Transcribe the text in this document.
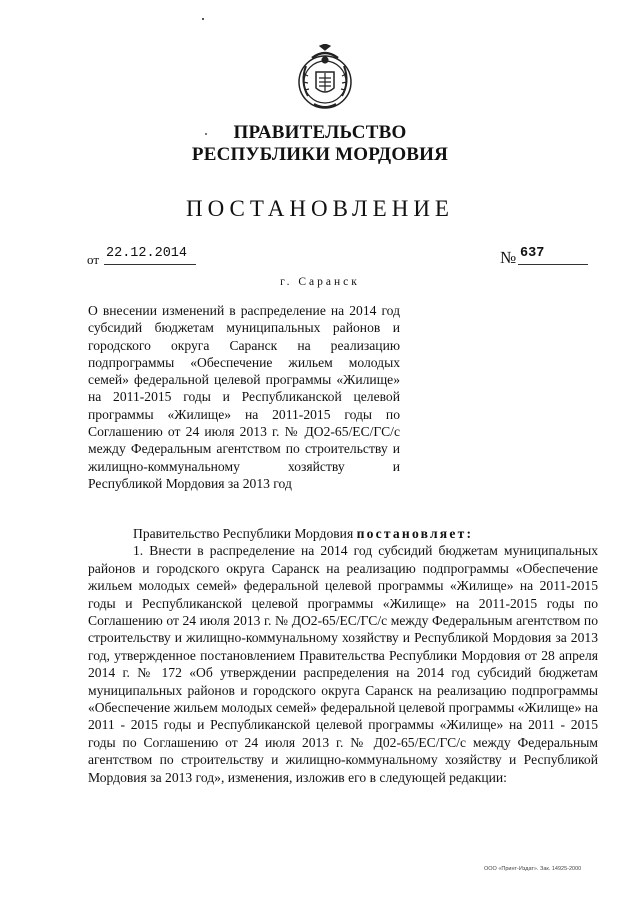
ПРАВИТЕЛЬСТВО
РЕСПУБЛИКИ МОРДОВИЯ
ПОСТАНОВЛЕНИЕ
от 22.12.2014	№ 637
г. Саранск
О внесении изменений в распределение на 2014 год субсидий бюджетам муниципальных районов и городского округа Саранск на реализацию подпрограммы «Обеспечение жильем молодых семей» федеральной целевой программы «Жилище» на 2011-2015 годы и Республиканской целевой программы «Жилище» на 2011-2015 годы по Соглашению от 24 июля 2013 г. № ДО2-65/ЕС/ГС/с между Федеральным агентством по строительству и жилищно-коммунальному хозяйству и
Республикой Мордовия за 2013 год

Правительство Республики Мордовия постановляет:

1. Внести в распределение на 2014 год субсидий бюджетам муниципальных районов и городского округа Саранск на реализацию подпрограммы «Обеспечение жильем молодых семей» федеральной целевой программы «Жилище» на 2011-2015 годы и Республиканской целевой программы «Жилище» на 2011-2015 годы по Соглашению от 24 июля 2013 г. № ДО2-65/ЕС/ГС/с между Федеральным агентством по строительству и жилищно-коммунальному хозяйству и Республикой Мордовия за 2013 год, утвержденное постановлением Правительства Республики Мордовия от 28 апреля 2014 г. № 172 «Об утверждении распределения на 2014 год субсидий бюджетам муниципальных районов и городского округа Саранск на реализацию подпрограммы «Обеспечение жильем молодых семей» федеральной целевой программы «Жилище» на 2011 - 2015 годы и Республиканской целевой программы «Жилище» на 2011 - 2015 годы по Соглашению от 24 июля 2013 г. № Д02-65/ЕС/ГС/с между Федеральным агентством по строительству и жилищно-коммунальному хозяйству и Республикой Мордовия за 2013 год», изменения, изложив его в следующей редакции:

ООО «Принт-Издат». Зак. 14925-2000
